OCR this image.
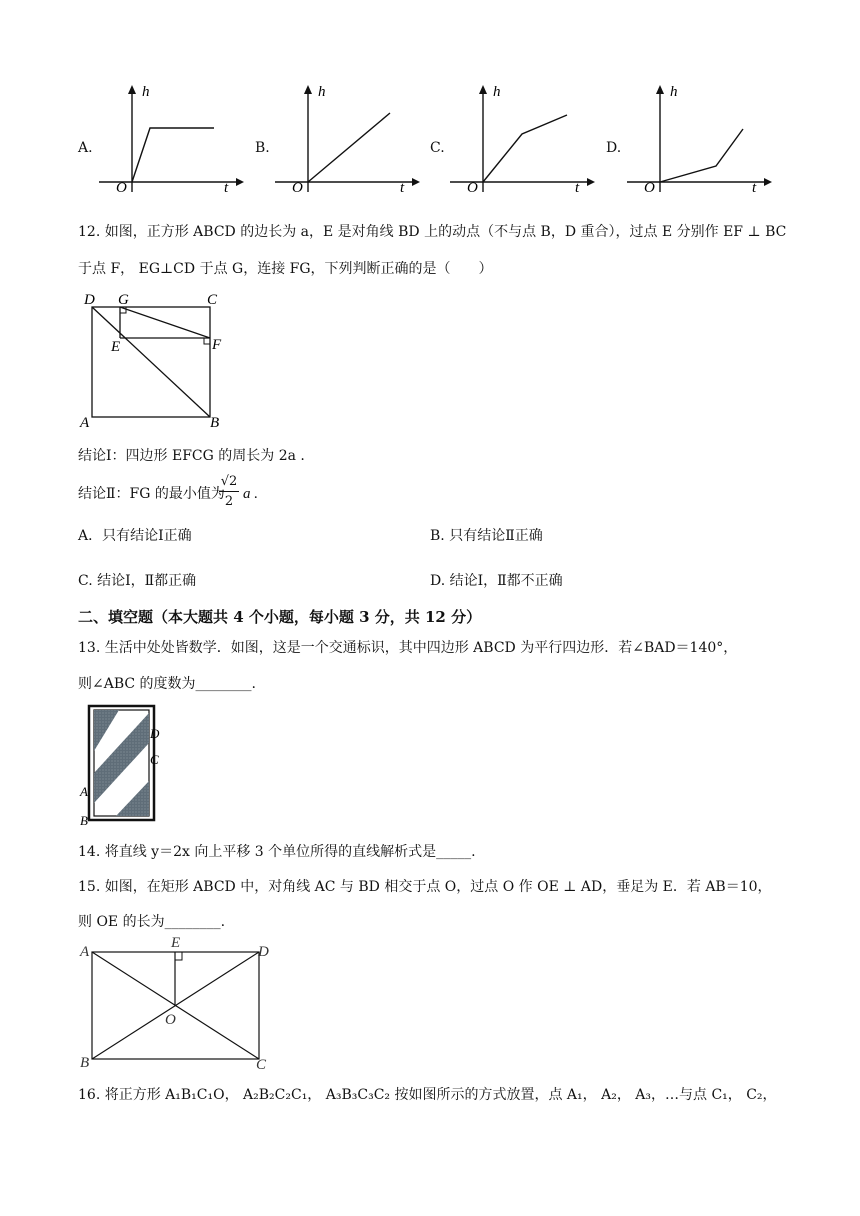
A.
h
O	t
B.
h
O	t
C.
h
O	t
D.
h
O	t
12. 如图，正方形 ABCD 的边长为 a，E 是对角线 BD 上的动点（不与点 B，D 重合），过点 E 分别作 EF ⊥ BC
于点 F， EG⊥CD 于点 G，连接 FG，下列判断正确的是（　　）
D G	C
E	F
A	B
结论Ⅰ：四边形 EFCG 的周长为 2a .
结论Ⅱ：FG 的最小值为
√2
2 a .
A．只有结论Ⅰ正确	B. 只有结论Ⅱ正确
C. 结论Ⅰ，Ⅱ都正确	D. 结论Ⅰ，Ⅱ都不正确
二、填空题（本大题共 4 个小题，每小题 3 分，共 12 分）
13. 生活中处处皆数学．如图，这是一个交通标识，其中四边形 ABCD 为平行四边形．若∠BAD＝140°，
则∠ABC 的度数为________.
D
C
A
B
14. 将直线 y＝2x 向上平移 3 个单位所得的直线解析式是_____.
15. 如图，在矩形 ABCD 中，对角线 AC 与 BD 相交于点 O，过点 O 作 OE ⊥ AD，垂足为 E．若 AB＝10，
则 OE 的长为________.
A
E
D
O
B	C
16. 将正方形 A₁B₁C₁O， A₂B₂C₂C₁， A₃B₃C₃C₂ 按如图所示的方式放置，点 A₁， A₂， A₃，…与点 C₁， C₂，
